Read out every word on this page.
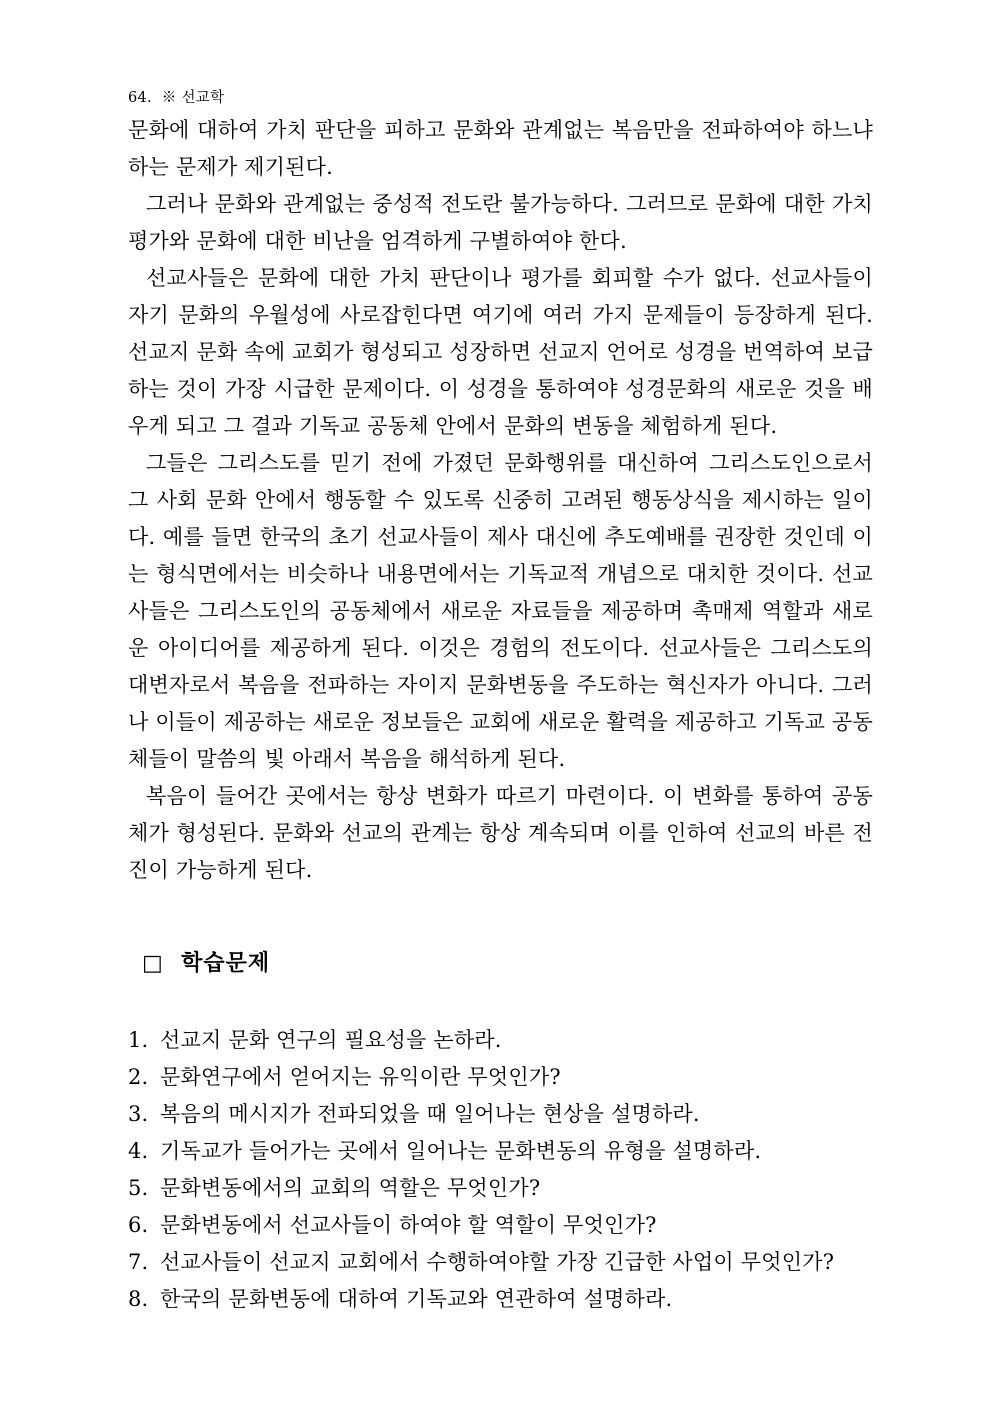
64.  ※ 선교학

문화에 대하여 가치 판단을 피하고 문화와 관계없는 복음만을 전파하여야 하느냐 하는 문제가 제기된다.

그러나 문화와 관계없는 중성적 전도란 불가능하다. 그러므로 문화에 대한 가치 평가와 문화에 대한 비난을 엄격하게 구별하여야 한다.

선교사들은 문화에 대한 가치 판단이나 평가를 회피할 수가 없다. 선교사들이 자기 문화의 우월성에 사로잡힌다면 여기에 여러 가지 문제들이 등장하게 된다. 선교지 문화 속에 교회가 형성되고 성장하면 선교지 언어로 성경을 번역하여 보급하는 것이 가장 시급한 문제이다. 이 성경을 통하여야 성경문화의 새로운 것을 배우게 되고 그 결과 기독교 공동체 안에서 문화의 변동을 체험하게 된다.

그들은 그리스도를 믿기 전에 가졌던 문화행위를 대신하여 그리스도인으로서 그 사회 문화 안에서 행동할 수 있도록 신중히 고려된 행동상식을 제시하는 일이다. 예를 들면 한국의 초기 선교사들이 제사 대신에 추도예배를 권장한 것인데 이는 형식면에서는 비슷하나 내용면에서는 기독교적 개념으로 대치한 것이다. 선교사들은 그리스도인의 공동체에서 새로운 자료들을 제공하며 촉매제 역할과 새로운 아이디어를 제공하게 된다. 이것은 경험의 전도이다. 선교사들은 그리스도의 대변자로서 복음을 전파하는 자이지 문화변동을 주도하는 혁신자가 아니다. 그러나 이들이 제공하는 새로운 정보들은 교회에 새로운 활력을 제공하고 기독교 공동체들이 말씀의 빛 아래서 복음을 해석하게 된다.

복음이 들어간 곳에서는 항상 변화가 따르기 마련이다. 이 변화를 통하여 공동체가 형성된다. 문화와 선교의 관계는 항상 계속되며 이를 인하여 선교의 바른 전진이 가능하게 된다.

□  학습문제
1. 선교지 문화 연구의 필요성을 논하라.
2. 문화연구에서 얻어지는 유익이란 무엇인가?
3. 복음의 메시지가 전파되었을 때 일어나는 현상을 설명하라.
4. 기독교가 들어가는 곳에서 일어나는 문화변동의 유형을 설명하라.
5. 문화변동에서의 교회의 역할은 무엇인가?
6. 문화변동에서 선교사들이 하여야 할 역할이 무엇인가?
7. 선교사들이 선교지 교회에서 수행하여야할 가장 긴급한 사업이 무엇인가?
8. 한국의 문화변동에 대하여 기독교와 연관하여 설명하라.
